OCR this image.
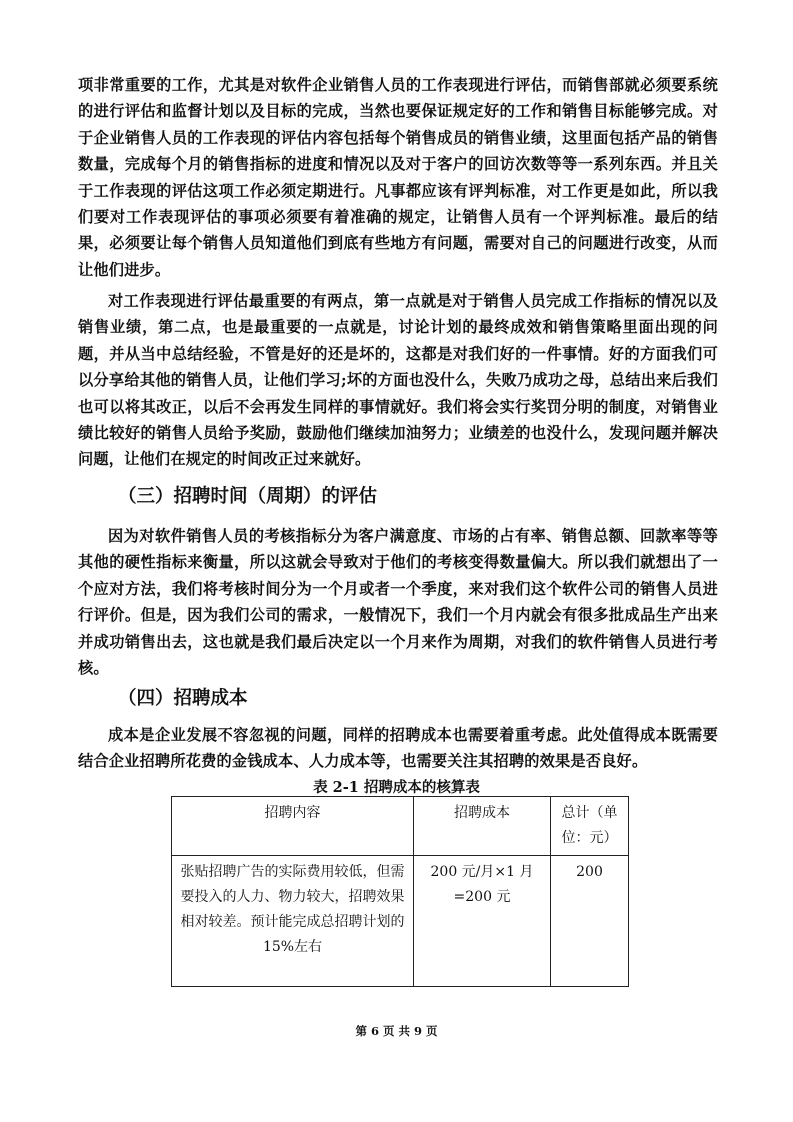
项非常重要的工作，尤其是对软件企业销售人员的工作表现进行评估，而销售部就必须要系统的进行评估和监督计划以及目标的完成，当然也要保证规定好的工作和销售目标能够完成。对于企业销售人员的工作表现的评估内容包括每个销售成员的销售业绩，这里面包括产品的销售数量，完成每个月的销售指标的进度和情况以及对于客户的回访次数等等一系列东西。并且关于工作表现的评估这项工作必须定期进行。凡事都应该有评判标准，对工作更是如此，所以我们要对工作表现评估的事项必须要有着准确的规定，让销售人员有一个评判标准。最后的结果，必须要让每个销售人员知道他们到底有些地方有问题，需要对自己的问题进行改变，从而让他们进步。

对工作表现进行评估最重要的有两点，第一点就是对于销售人员完成工作指标的情况以及销售业绩，第二点，也是最重要的一点就是，讨论计划的最终成效和销售策略里面出现的问题，并从当中总结经验，不管是好的还是坏的，这都是对我们好的一件事情。好的方面我们可以分享给其他的销售人员，让他们学习;坏的方面也没什么，失败乃成功之母，总结出来后我们也可以将其改正，以后不会再发生同样的事情就好。我们将会实行奖罚分明的制度，对销售业绩比较好的销售人员给予奖励，鼓励他们继续加油努力；业绩差的也没什么，发现问题并解决问题，让他们在规定的时间改正过来就好。

（三）招聘时间（周期）的评估

因为对软件销售人员的考核指标分为客户满意度、市场的占有率、销售总额、回款率等等其他的硬性指标来衡量，所以这就会导致对于他们的考核变得数量偏大。所以我们就想出了一个应对方法，我们将考核时间分为一个月或者一个季度，来对我们这个软件公司的销售人员进行评价。但是，因为我们公司的需求，一般情况下，我们一个月内就会有很多批成品生产出来并成功销售出去，这也就是我们最后决定以一个月来作为周期，对我们的软件销售人员进行考核。

（四）招聘成本

成本是企业发展不容忽视的问题，同样的招聘成本也需要着重考虑。此处值得成本既需要结合企业招聘所花费的金钱成本、人力成本等，也需要关注其招聘的效果是否良好。

表 2-1 招聘成本的核算表

招聘内容	招聘成本	总计（单位：元）
张贴招聘广告的实际费用较低，但需要投入的人力、物力较大，招聘效果相对较差。预计能完成总招聘计划的 15%左右	200 元/月×1 月=200 元	200
第 6 页 共 9 页
